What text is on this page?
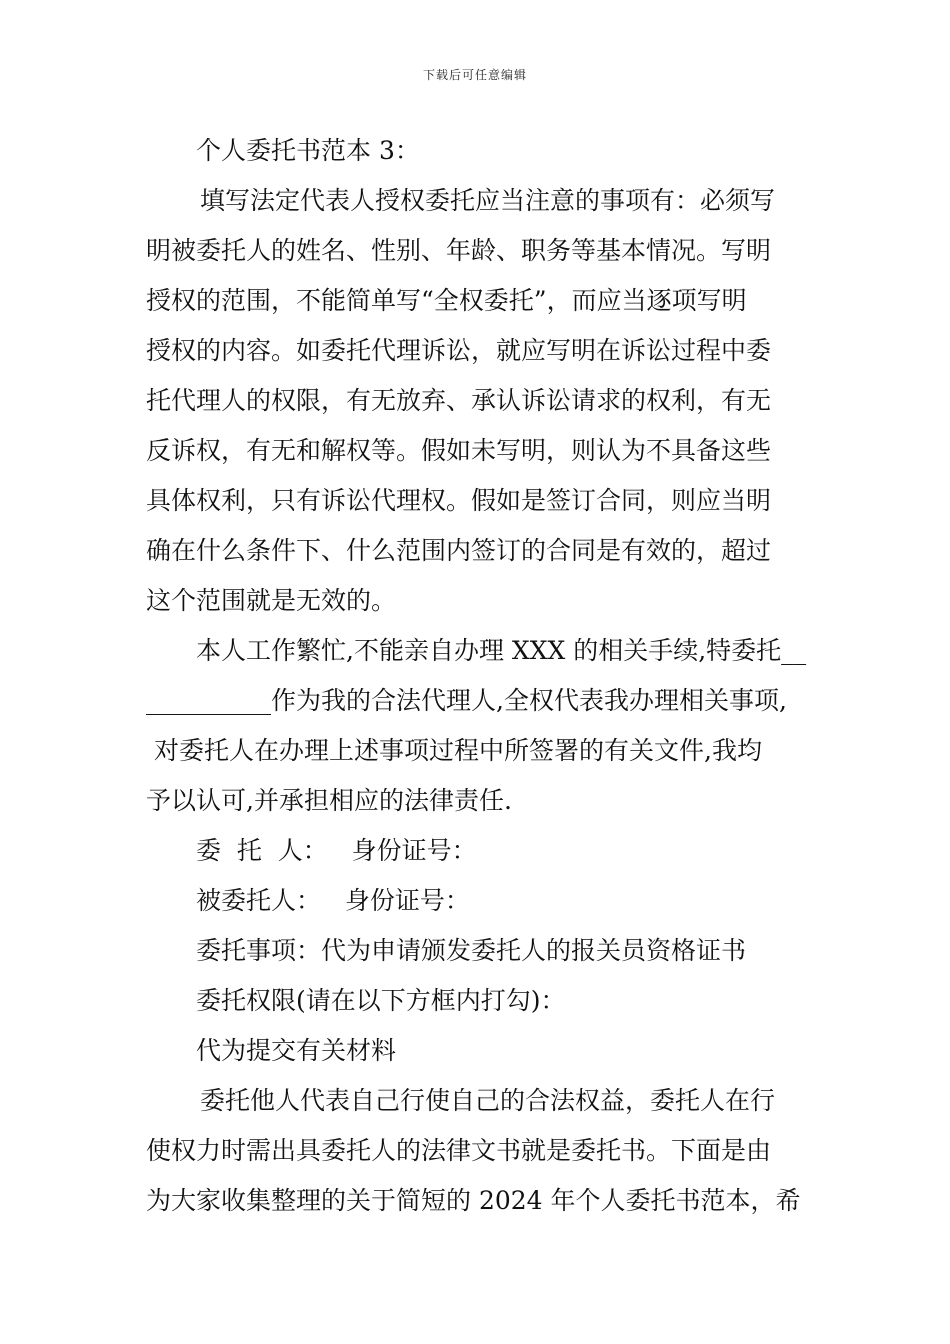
下载后可任意编辑
个人委托书范本 3：
填写法定代表人授权委托应当注意的事项有：必须写
明被委托人的姓名、性别、年龄、职务等基本情况。写明
授权的范围，不能简单写“全权委托”，而应当逐项写明
授权的内容。如委托代理诉讼，就应写明在诉讼过程中委
托代理人的权限，有无放弃、承认诉讼请求的权利，有无
反诉权，有无和解权等。假如未写明，则认为不具备这些
具体权利，只有诉讼代理权。假如是签订合同，则应当明
确在什么条件下、什么范围内签订的合同是有效的，超过
这个范围就是无效的。
本人工作繁忙,不能亲自办理 XXX 的相关手续,特委托__
__________作为我的合法代理人,全权代表我办理相关事项,
对委托人在办理上述事项过程中所签署的有关文件,我均
予以认可,并承担相应的法律责任.
委  托  人：   身份证号：
被委托人：   身份证号：
委托事项：代为申请颁发委托人的报关员资格证书
委托权限(请在以下方框内打勾)：
代为提交有关材料
委托他人代表自己行使自己的合法权益，委托人在行
使权力时需出具委托人的法律文书就是委托书。下面是由
为大家收集整理的关于简短的 2024 年个人委托书范本，希
